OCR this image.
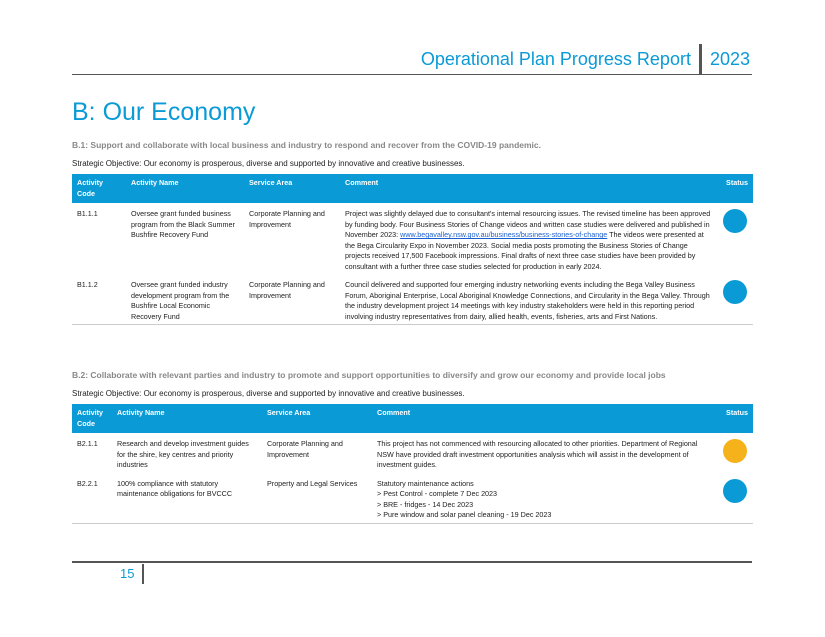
Operational Plan Progress Report	2023
B: Our Economy
B.1: Support and collaborate with local business and industry to respond and recover from the COVID-19 pandemic.
Strategic Objective: Our economy is prosperous, diverse and supported by innovative and creative businesses.
Activity Code	Activity Name	Service Area	Comment	Status
B1.1.1	Oversee grant funded business program from the Black Summer Bushfire Recovery Fund	Corporate Planning and Improvement	Project was slightly delayed due to consultant's internal resourcing issues. The revised timeline has been approved by funding body. Four Business Stories of Change videos and written case studies were delivered and published in November 2023: www.begavalley.nsw.gov.au/business/business-stories-of-change The videos were presented at the Bega Circularity Expo in November 2023. Social media posts promoting the Business Stories of Change projects received 17,500 Facebook impressions. Final drafts of next three case studies have been provided by consultant with a further three case studies selected for production in early 2024.	
B1.1.2	Oversee grant funded industry development program from the Bushfire Local Economic Recovery Fund	Corporate Planning and Improvement	Council delivered and supported four emerging industry networking events including the Bega Valley Business Forum, Aboriginal Enterprise, Local Aboriginal Knowledge Connections, and Circularity in the Bega Valley. Through the industry development project 14 meetings with key industry stakeholders were held in this reporting period involving industry representatives from dairy, allied health, events, fisheries, arts and First Nations.	
B.2: Collaborate with relevant parties and industry to promote and support opportunities to diversify and grow our economy and provide local jobs
Strategic Objective: Our economy is prosperous, diverse and supported by innovative and creative businesses.
Activity Code	Activity Name	Service Area	Comment	Status
B2.1.1	Research and develop investment guides for the shire, key centres and priority industries	Corporate Planning and Improvement	This project has not commenced with resourcing allocated to other priorities. Department of Regional NSW have provided draft investment opportunities analysis which will assist in the development of investment guides.	
B2.2.1	100% compliance with statutory maintenance obligations for BVCCC	Property and Legal Services	Statutory maintenance actions
> Pest Control - complete 7 Dec 2023
> BRE - fridges - 14 Dec 2023
> Pure window and solar panel cleaning - 19 Dec 2023	

15
